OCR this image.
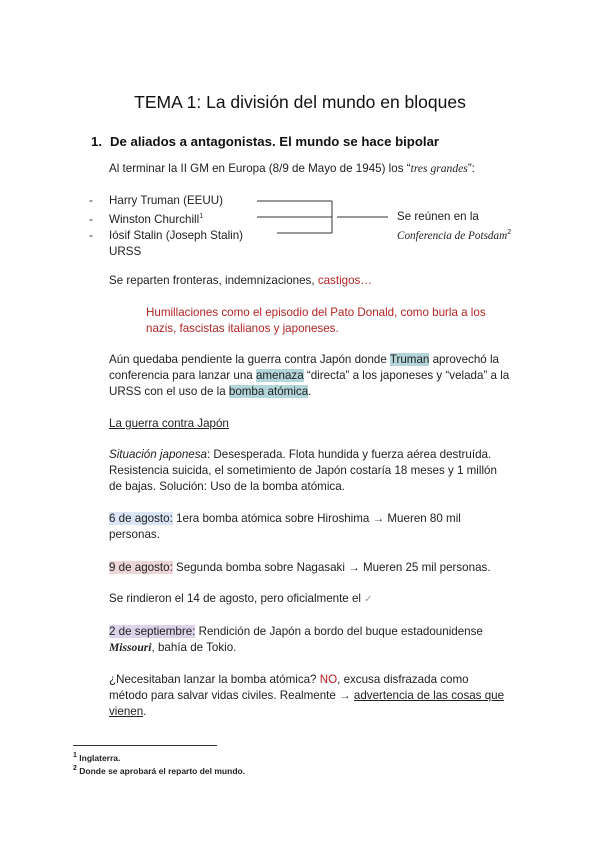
TEMA 1: La división del mundo en bloques
1. De aliados a antagonistas. El mundo se hace bipolar
Al terminar la II GM en Europa (8/9 de Mayo de 1945) los “tres grandes”:
- Harry Truman (EEUU)
- Winston Churchill$^1$
- Iósif Stalin (Joseph Stalin)
URSS
Se reúnen en la
Conferencia de Potsdam$^2$
Se reparten fronteras, indemnizaciones, castigos…
Humillaciones como el episodio del Pato Donald, como burla a los
nazis, fascistas italianos y japoneses.
Aún quedaba pendiente la guerra contra Japón donde Truman aprovechó la
conferencia para lanzar una amenaza “directa” a los japoneses y “velada” a la
URSS con el uso de la bomba atómica.
La guerra contra Japón
Situación japonesa: Desesperada. Flota hundida y fuerza aérea destruída.
Resistencia suicida, el sometimiento de Japón costaría 18 meses y 1 millón
de bajas. Solución: Uso de la bomba atómica.
6 de agosto: 1era bomba atómica sobre Hiroshima → Mueren 80 mil
personas.
9 de agosto: Segunda bomba sobre Nagasaki → Mueren 25 mil personas.
Se rindieron el 14 de agosto, pero oficialmente el ✓
2 de septiembre: Rendición de Japón a bordo del buque estadounidense
Missouri, bahía de Tokio.
¿Necesitaban lanzar la bomba atómica? NO, excusa disfrazada como
método para salvar vidas civiles. Realmente → advertencia de las cosas que
vienen.
$^1$ Inglaterra.
$^2$ Donde se aprobará el reparto del mundo.
